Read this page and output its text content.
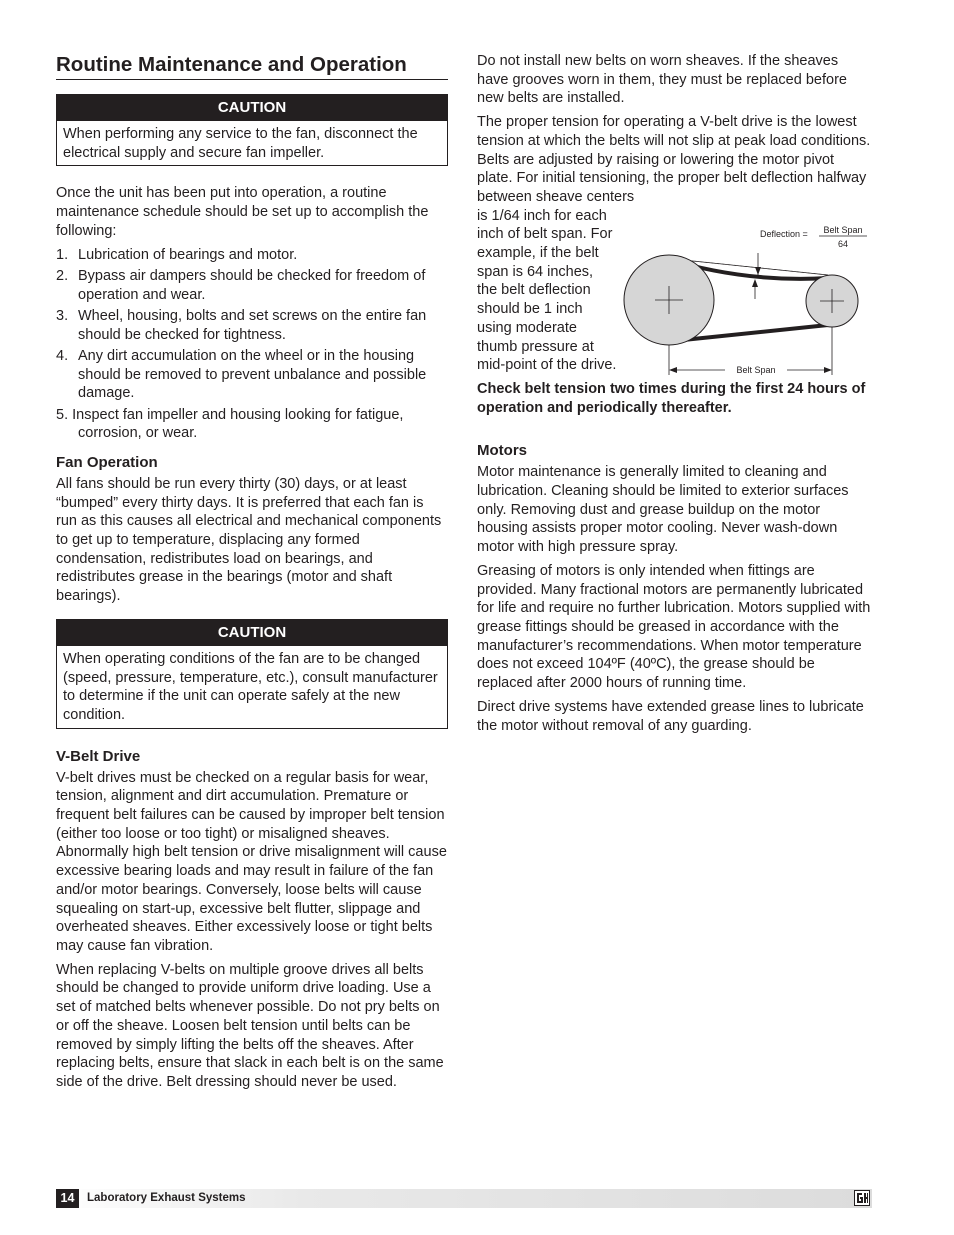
Routine Maintenance and Operation
CAUTION
When performing any service to the fan, disconnect the electrical supply and secure fan impeller.

Once the unit has been put into operation, a routine maintenance schedule should be set up to accomplish the following:

1. Lubrication of bearings and motor.
2. Bypass air dampers should be checked for freedom of operation and wear.
3. Wheel, housing, bolts and set screws on the entire fan should be checked for tightness.
4. Any dirt accumulation on the wheel or in the housing should be removed to prevent unbalance and possible damage.
5. Inspect fan impeller and housing looking for fatigue,
corrosion, or wear.
Fan Operation

All fans should be run every thirty (30) days, or at least “bumped” every thirty days. It is preferred that each fan is run as this causes all electrical and mechanical components to get up to temperature, displacing any formed condensation, redistributes load on bearings, and redistributes grease in the bearings (motor and shaft bearings).

CAUTION
When operating conditions of the fan are to be changed (speed, pressure, temperature, etc.), consult manufacturer to determine if the unit can operate safely at the new condition.
V-Belt Drive

V-belt drives must be checked on a regular basis for wear, tension, alignment and dirt accumulation. Premature or frequent belt failures can be caused by improper belt tension (either too loose or too tight) or misaligned sheaves. Abnormally high belt tension or drive misalignment will cause excessive bearing loads and may result in failure of the fan and/or motor bearings. Conversely, loose belts will cause squealing on start-up, excessive belt flutter, slippage and overheated sheaves. Either excessively loose or tight belts may cause fan vibration.

When replacing V-belts on multiple groove drives all belts should be changed to provide uniform drive loading. Use a set of matched belts whenever possible. Do not pry belts on or off the sheave. Loosen belt tension until belts can be removed by simply lifting the belts off the sheaves. After replacing belts, ensure that slack in each belt is on the same side of the drive. Belt dressing should never be used.

Do not install new belts on worn sheaves. If the sheaves have grooves worn in them, they must be replaced before new belts are installed.

The proper tension for operating a V-belt drive is the lowest tension at which the belts will not slip at peak load conditions. Belts are adjusted by raising or lowering the motor pivot plate. For initial tensioning, the proper belt deflection halfway between sheave centers

is 1/64 inch for each inch of belt span. For example, if the belt span is 64 inches, the belt deflection should be 1 inch using moderate thumb pressure at mid-point of the drive.

Deflection = Belt Span
64
Belt Span

Check belt tension two times during the first 24 hours of operation and periodically thereafter.

Motors

Motor maintenance is generally limited to cleaning and lubrication. Cleaning should be limited to exterior surfaces only. Removing dust and grease buildup on the motor housing assists proper motor cooling. Never wash-down motor with high pressure spray.

Greasing of motors is only intended when fittings are provided. Many fractional motors are permanently lubricated for life and require no further lubrication. Motors supplied with grease fittings should be greased in accordance with the manufacturer’s recommendations. When motor temperature does not exceed 104ºF (40ºC), the grease should be replaced after 2000 hours of running time.

Direct drive systems have extended grease lines to lubricate the motor without removal of any guarding.

14	Laboratory Exhaust Systems
